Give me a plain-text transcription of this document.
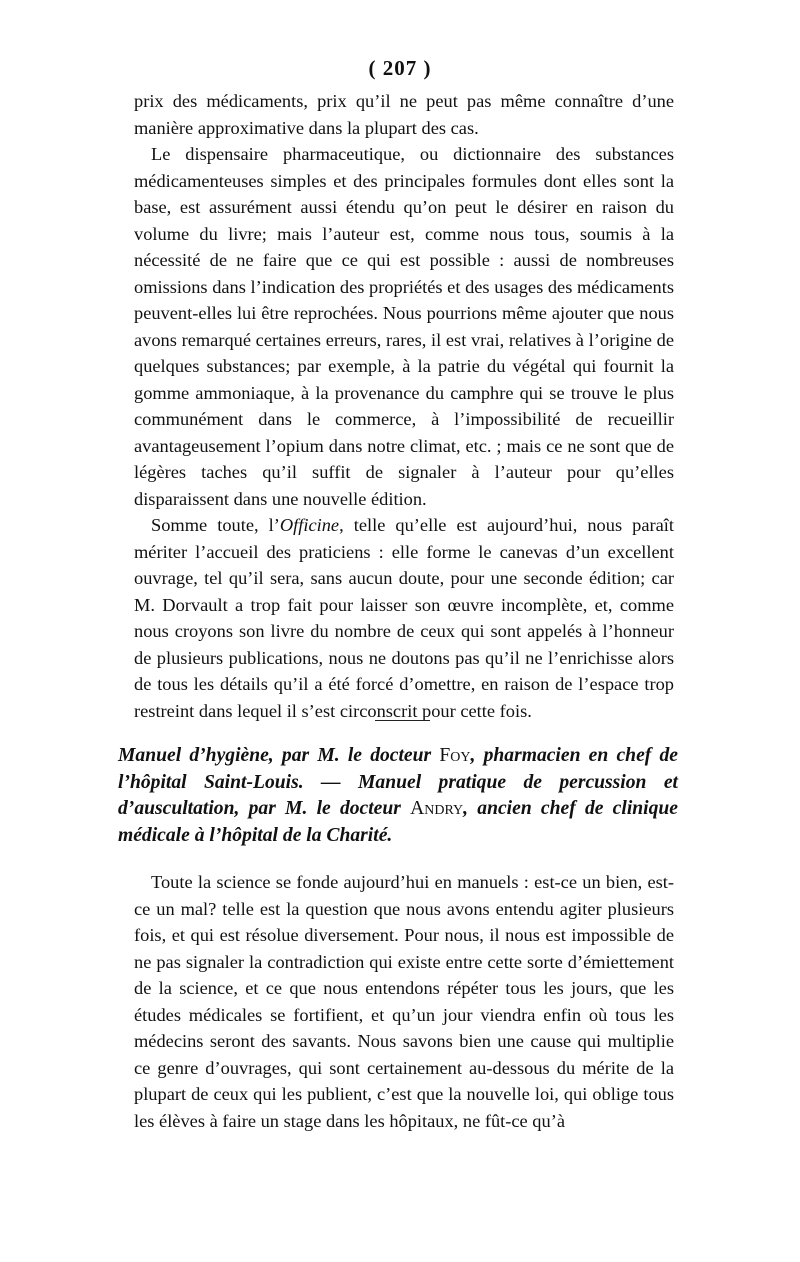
( 207 )

prix des médicaments, prix qu’il ne peut pas même connaître d’une manière approximative dans la plupart des cas.

Le dispensaire pharmaceutique, ou dictionnaire des substances médicamenteuses simples et des principales formules dont elles sont la base, est assurément aussi étendu qu’on peut le désirer en raison du volume du livre; mais l’auteur est, comme nous tous, soumis à la nécessité de ne faire que ce qui est possible : aussi de nombreuses omissions dans l’indication des propriétés et des usages des médicaments peuvent-elles lui être reprochées. Nous pourrions même ajouter que nous avons remarqué certaines erreurs, rares, il est vrai, relatives à l’origine de quelques substances; par exemple, à la patrie du végétal qui fournit la gomme ammoniaque, à la provenance du camphre qui se trouve le plus communément dans le commerce, à l’impossibilité de recueillir avantageusement l’opium dans notre climat, etc. ; mais ce ne sont que de légères taches qu’il suffit de signaler à l’auteur pour qu’elles disparaissent dans une nouvelle édition.

Somme toute, l’Officine, telle qu’elle est aujourd’hui, nous paraît mériter l’accueil des praticiens : elle forme le canevas d’un excellent ouvrage, tel qu’il sera, sans aucun doute, pour une seconde édition; car M. Dorvault a trop fait pour laisser son œuvre incomplète, et, comme nous croyons son livre du nombre de ceux qui sont appelés à l’honneur de plusieurs publications, nous ne doutons pas qu’il ne l’enrichisse alors de tous les détails qu’il a été forcé d’omettre, en raison de l’espace trop restreint dans lequel il s’est circonscrit pour cette fois.

Manuel d’hygiène, par M. le docteur Foy, pharmacien en chef de l’hôpital Saint-Louis. — Manuel pratique de percussion et d’auscultation, par M. le docteur Andry, ancien chef de clinique médicale à l’hôpital de la Charité.

Toute la science se fonde aujourd’hui en manuels : est-ce un bien, est-ce un mal? telle est la question que nous avons entendu agiter plusieurs fois, et qui est résolue diversement. Pour nous, il nous est impossible de ne pas signaler la contradiction qui existe entre cette sorte d’émiettement de la science, et ce que nous entendons répéter tous les jours, que les études médicales se fortifient, et qu’un jour viendra enfin où tous les médecins seront des savants. Nous savons bien une cause qui multiplie ce genre d’ouvrages, qui sont certainement au-dessous du mérite de la plupart de ceux qui les publient, c’est que la nouvelle loi, qui oblige tous les élèves à faire un stage dans les hôpitaux, ne fût-ce qu’à
